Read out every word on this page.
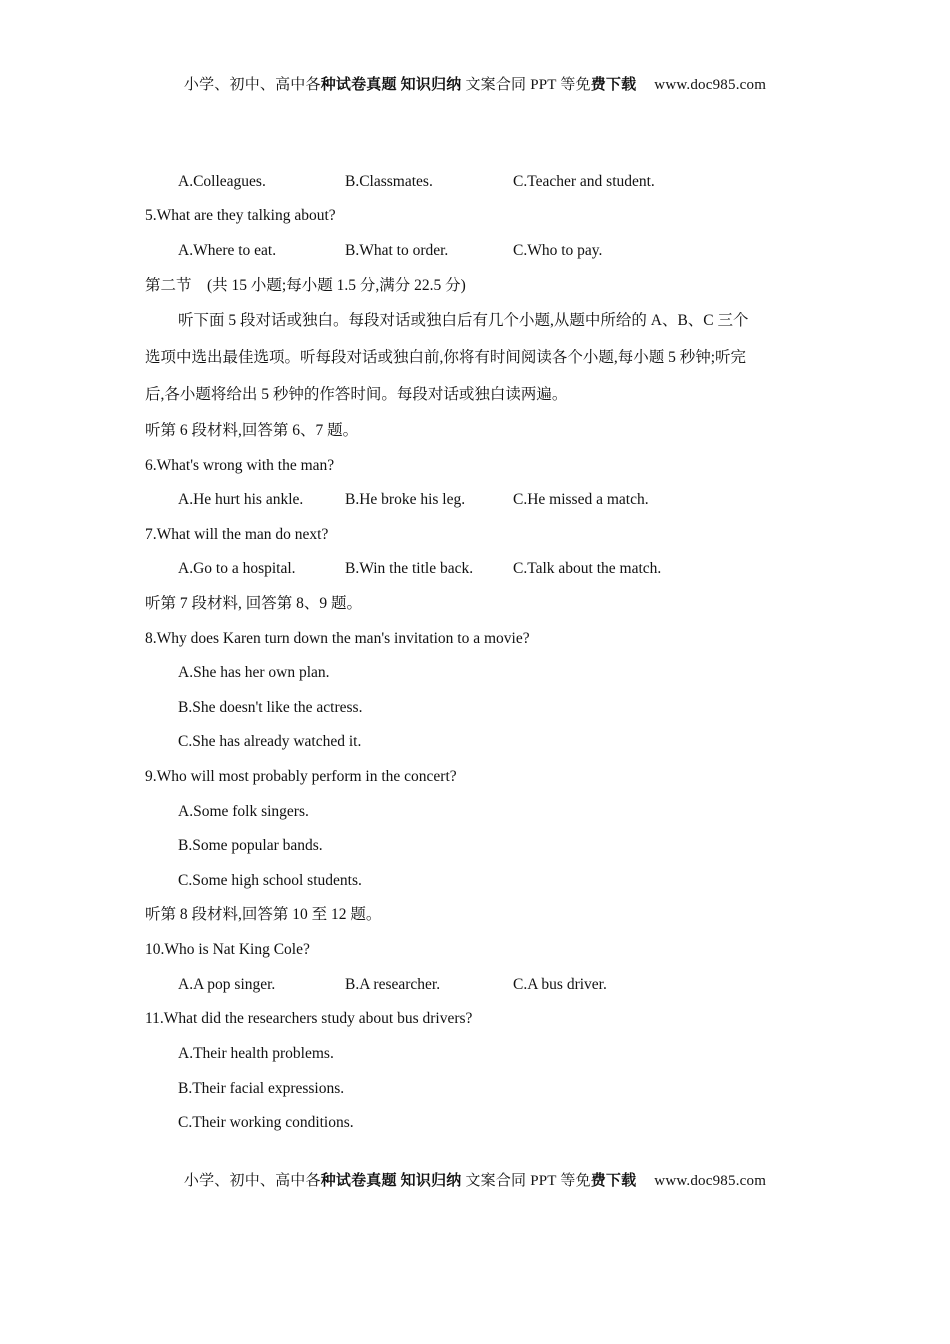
小学、初中、高中各种试卷真题 知识归纳 文案合同 PPT 等免费下载 www.doc985.com
A.Colleagues.	B.Classmates.	C.Teacher and student.
5.What are they talking about?
A.Where to eat.	B.What to order.	C.Who to pay.
第二节　(共 15 小题;每小题 1.5 分,满分 22.5 分)
听下面 5 段对话或独白。每段对话或独白后有几个小题,从题中所给的 A、B、C 三个
选项中选出最佳选项。听每段对话或独白前,你将有时间阅读各个小题,每小题 5 秒钟;听完
后,各小题将给出 5 秒钟的作答时间。每段对话或独白读两遍。
听第 6 段材料,回答第 6、7 题。
6.What's wrong with the man?
A.He hurt his ankle.	B.He broke his leg.	C.He missed a match.
7.What will the man do next?
A.Go to a hospital.	B.Win the title back.	C.Talk about the match.
听第 7 段材料, 回答第 8、9 题。
8.Why does Karen turn down the man's invitation to a movie?
A.She has her own plan.
B.She doesn't like the actress.
C.She has already watched it.
9.Who will most probably perform in the concert?
A.Some folk singers.
B.Some popular bands.
C.Some high school students.
听第 8 段材料,回答第 10 至 12 题。
10.Who is Nat King Cole?
A.A pop singer.	B.A researcher.	C.A bus driver.
11.What did the researchers study about bus drivers?
A.Their health problems.
B.Their facial expressions.
C.Their working conditions.
小学、初中、高中各种试卷真题 知识归纳 文案合同 PPT 等免费下载 www.doc985.com
